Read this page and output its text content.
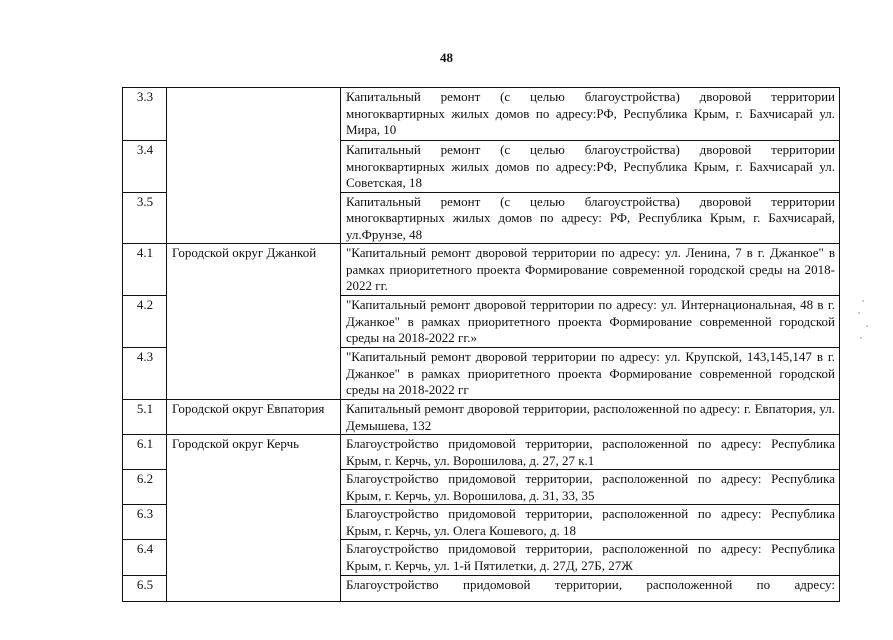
48
3.3		Капитальный ремонт (с целью благоустройства) дворовой территории многоквартирных жилых домов по адресу:РФ, Республика Крым, г. Бахчисарай ул. Мира, 10
3.4		Капитальный ремонт (с целью благоустройства) дворовой территории многоквартирных жилых домов по адресу:РФ, Республика Крым, г. Бахчисарай ул. Советская, 18
3.5		Капитальный ремонт (с целью благоустройства) дворовой территории многоквартирных жилых домов по адресу: РФ, Республика Крым, г. Бахчисарай, ул.Фрунзе, 48
4.1	Городской округ Джанкой	"Капитальный ремонт дворовой территории по адресу: ул. Ленина, 7 в г. Джанкое" в рамках приоритетного проекта Формирование современной городской среды на 2018-2022 гг.
4.2		"Капитальный ремонт дворовой территории по адресу: ул. Интернациональная, 48 в г. Джанкое" в рамках приоритетного проекта Формирование современной городской среды на 2018-2022 гг.»
4.3		"Капитальный ремонт дворовой территории по адресу: ул. Крупской, 143,145,147 в г. Джанкое" в рамках приоритетного проекта Формирование современной городской среды на 2018-2022 гг
5.1	Городской округ Евпатория	Капитальный ремонт дворовой территории, расположенной по адресу: г. Евпатория, ул. Демышева, 132
6.1	Городской округ Керчь	Благоустройство придомовой территории, расположенной по адресу: Республика Крым, г. Керчь, ул. Ворошилова, д. 27, 27 к.1
6.2		Благоустройство придомовой территории, расположенной по адресу: Республика Крым, г. Керчь, ул. Ворошилова, д. 31, 33, 35
6.3		Благоустройство придомовой территории, расположенной по адресу: Республика Крым, г. Керчь, ул. Олега Кошевого, д. 18
6.4		Благоустройство придомовой территории, расположенной по адресу: Республика Крым, г. Керчь, ул. 1-й Пятилетки, д. 27Д, 27Б, 27Ж
6.5		Благоустройство придомовой территории, расположенной по адресу:
